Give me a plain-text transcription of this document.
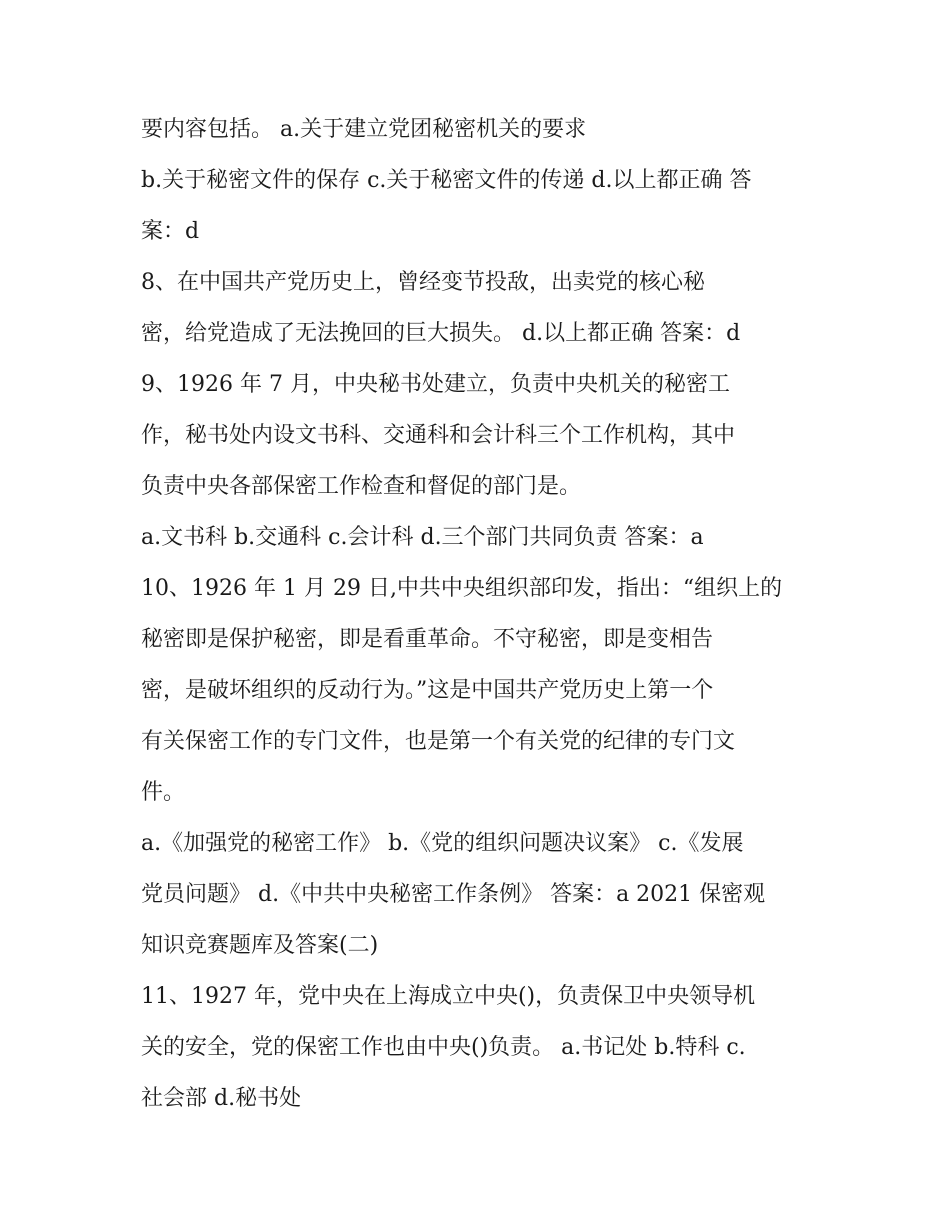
要内容包括。 a.关于建立党团秘密机关的要求
b.关于秘密文件的保存 c.关于秘密文件的传递 d.以上都正确 答
案：d
8、在中国共产党历史上，曾经变节投敌，出卖党的核心秘
密，给党造成了无法挽回的巨大损失。 d.以上都正确 答案：d
9、1926 年 7 月，中央秘书处建立，负责中央机关的秘密工
作，秘书处内设文书科、交通科和会计科三个工作机构，其中
负责中央各部保密工作检查和督促的部门是。
a.文书科 b.交通科 c.会计科 d.三个部门共同负责 答案：a
10、1926 年 1 月 29 日,中共中央组织部印发，指出：“组织上的
秘密即是保护秘密，即是看重革命。不守秘密，即是变相告
密，是破坏组织的反动行为。”这是中国共产党历史上第一个
有关保密工作的专门文件，也是第一个有关党的纪律的专门文
件。
a.《加强党的秘密工作》 b.《党的组织问题决议案》 c.《发展
党员问题》 d.《中共中央秘密工作条例》 答案：a 2021 保密观
知识竞赛题库及答案(二)
11、1927 年，党中央在上海成立中央()，负责保卫中央领导机
关的安全，党的保密工作也由中央()负责。 a.书记处 b.特科 c.
社会部 d.秘书处
